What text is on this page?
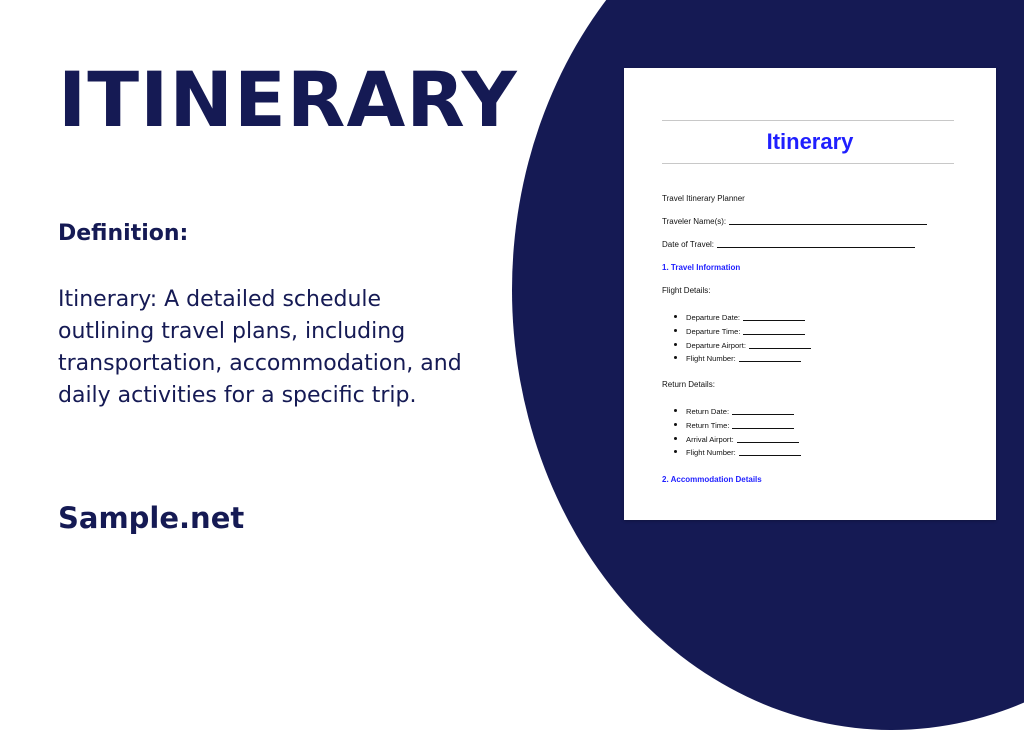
ITINERARY
Definition:
Itinerary: A detailed schedule outlining travel plans, including transportation, accommodation, and daily activities for a specific trip.
Sample.net
Itinerary
Travel Itinerary Planner
Traveler Name(s):
Date of Travel:
1. Travel Information
Flight Details:
Departure Date:
Departure Time:
Departure Airport:
Flight Number:
Return Details:
Return Date:
Return Time:
Arrival Airport:
Flight Number:
2. Accommodation Details
